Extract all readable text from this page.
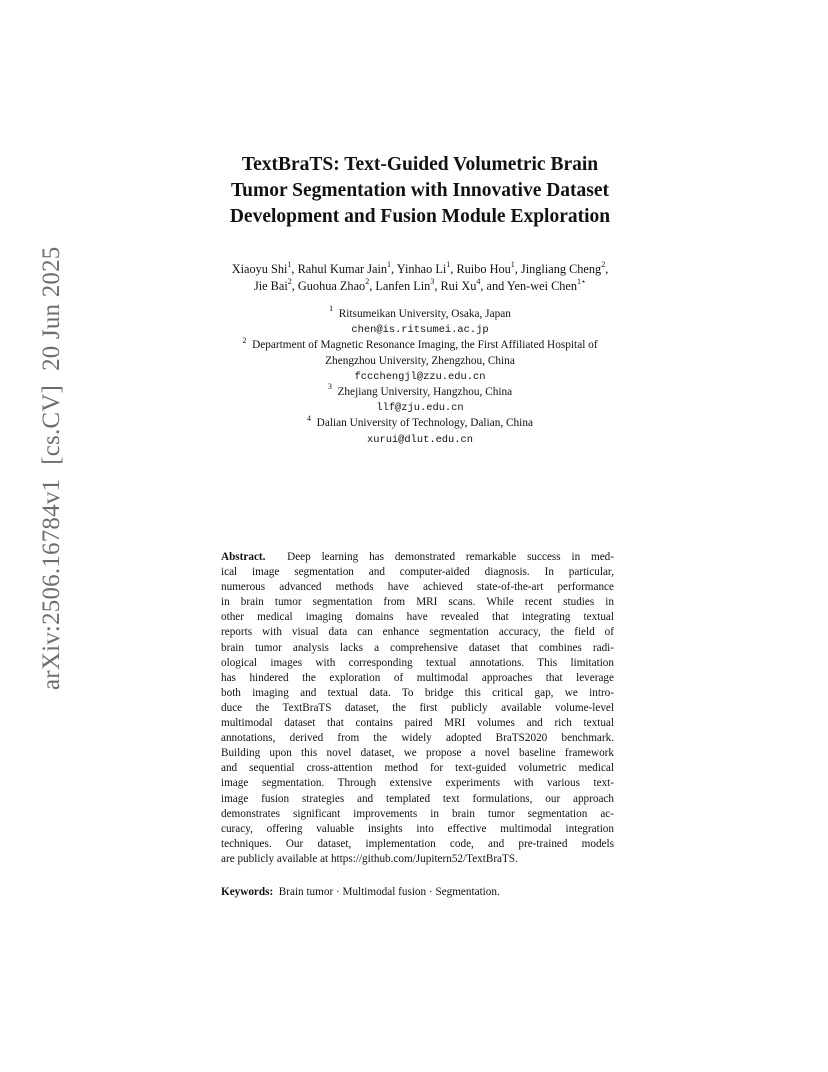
arXiv:2506.16784v1[cs.CV]20 Jun 2025
TextBraTS: Text-Guided Volumetric Brain
Tumor Segmentation with Innovative Dataset
Development and Fusion Module Exploration
Xiaoyu Shi$^1$, Rahul Kumar Jain$^1$, Yinhao Li$^1$, Ruibo Hou$^1$, Jingliang Cheng$^2$,
Jie Bai$^2$, Guohua Zhao$^2$, Lanfen Lin$^3$, Rui Xu$^4$, and Yen-wei Chen$^{1⋆}$
$^1$ Ritsumeikan University, Osaka, Japan
chen@is.ritsumei.ac.jp
$^2$ Department of Magnetic Resonance Imaging, the First Affiliated Hospital of
Zhengzhou University, Zhengzhou, China
fccchengjl@zzu.edu.cn
$^3$ Zhejiang University, Hangzhou, China
llf@zju.edu.cn
$^4$ Dalian University of Technology, Dalian, China
xurui@dlut.edu.cn
Abstract. Deep learning has demonstrated remarkable success in med-
ical image segmentation and computer-aided diagnosis. In particular,
numerous advanced methods have achieved state-of-the-art performance
in brain tumor segmentation from MRI scans. While recent studies in
other medical imaging domains have revealed that integrating textual
reports with visual data can enhance segmentation accuracy, the field of
brain tumor analysis lacks a comprehensive dataset that combines radi-
ological images with corresponding textual annotations. This limitation
has hindered the exploration of multimodal approaches that leverage
both imaging and textual data. To bridge this critical gap, we intro-
duce the TextBraTS dataset, the first publicly available volume-level
multimodal dataset that contains paired MRI volumes and rich textual
annotations, derived from the widely adopted BraTS2020 benchmark.
Building upon this novel dataset, we propose a novel baseline framework
and sequential cross-attention method for text-guided volumetric medical
image segmentation. Through extensive experiments with various text-
image fusion strategies and templated text formulations, our approach
demonstrates significant improvements in brain tumor segmentation ac-
curacy, offering valuable insights into effective multimodal integration
techniques. Our dataset, implementation code, and pre-trained models
are publicly available at https://github.com/Jupitern52/TextBraTS.
Keywords: Brain tumor · Multimodal fusion · Segmentation.
